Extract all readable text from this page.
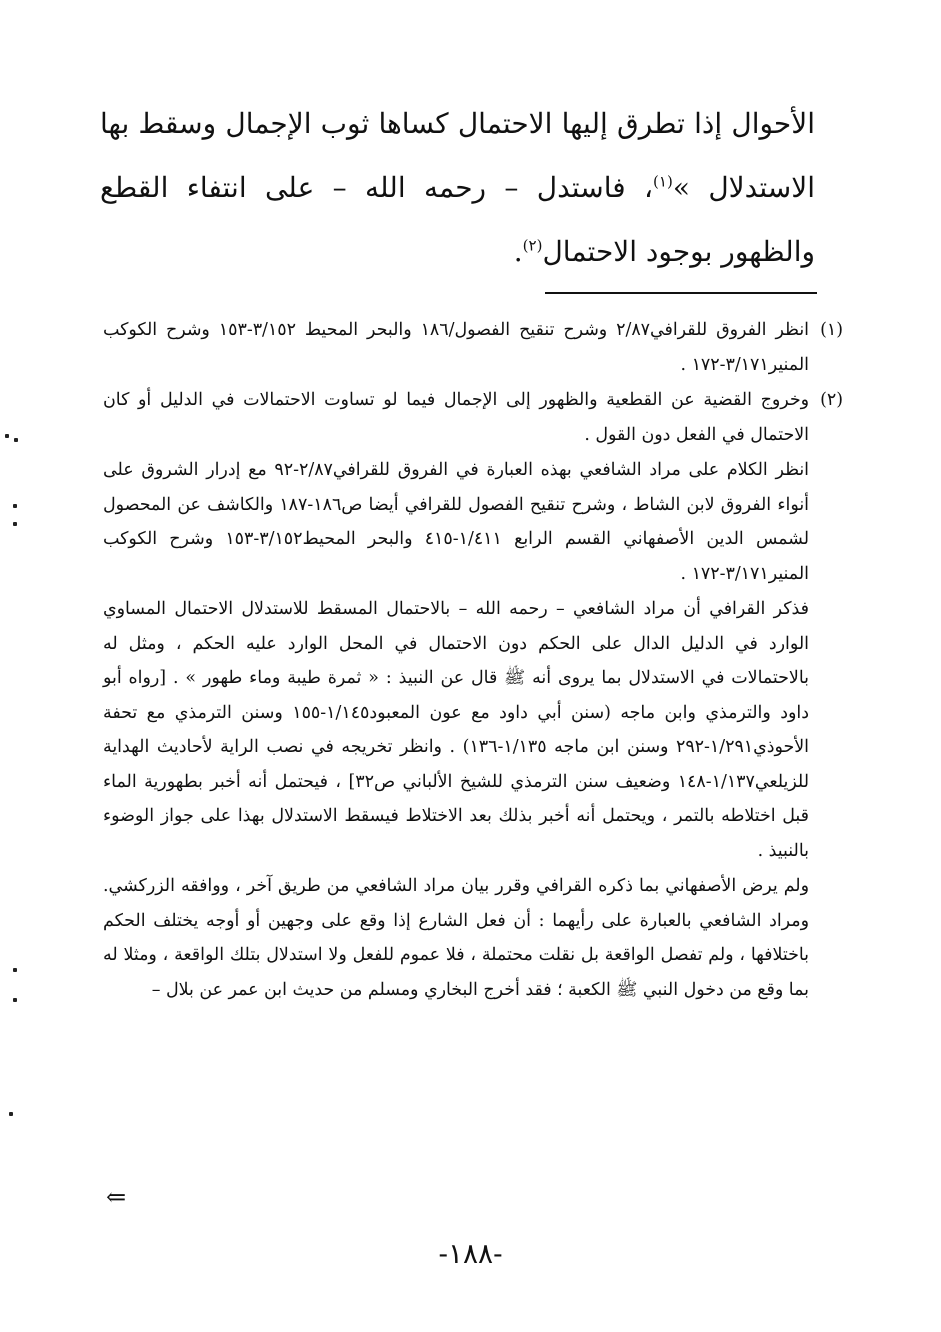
الأحوال إذا تطرق إليها الاحتمال كساها ثوب الإجمال وسقط بها الاستدلال »$^{(١)}$، فاستدل – رحمه الله – على انتفاء القطع والظهور بوجود الاحتمال$^{(٢)}$.

(١)
انظر الفروق للقرافي٢/٨٧ وشرح تنقيح الفصول/١٨٦ والبحر المحيط ٣/١٥٢-١٥٣ وشرح الكوكب المنير٣/١٧١-١٧٢ .

(٢)
وخروج القضية عن القطعية والظهور إلى الإجمال فيما لو تساوت الاحتمالات في الدليل أو كان الاحتمال في الفعل دون القول .

انظر الكلام على مراد الشافعي بهذه العبارة في الفروق للقرافي٢/٨٧-٩٢ مع إدرار الشروق على أنواء الفروق لابن الشاط ، وشرح تنقيح الفصول للقرافي أيضا ص١٨٦-١٨٧ والكاشف عن المحصول لشمس الدين الأصفهاني القسم الرابع ١/٤١١-٤١٥ والبحر المحيط٣/١٥٢-١٥٣ وشرح الكوكب المنير٣/١٧١-١٧٢ .

فذكر القرافي أن مراد الشافعي – رحمه الله – بالاحتمال المسقط للاستدلال الاحتمال المساوي الوارد في الدليل الدال على الحكم دون الاحتمال في المحل الوارد عليه الحكم ، ومثل له بالاحتمالات في الاستدلال بما يروى أنه ﷺ قال عن النبيذ : « ثمرة طيبة وماء طهور » . [رواه أبو داود والترمذي وابن ماجه (سنن أبي داود مع عون المعبود١/١٤٥-١٥٥ وسنن الترمذي مع تحفة الأحوذي١/٢٩١-٢٩٢ وسنن ابن ماجه ١/١٣٥-١٣٦) . وانظر تخريجه في نصب الراية لأحاديث الهداية للزيلعي١/١٣٧-١٤٨ وضعيف سنن الترمذي للشيخ الألباني ص٣٢] ، فيحتمل أنه أخبر بطهورية الماء قبل اختلاطه بالتمر ، ويحتمل أنه أخبر بذلك بعد الاختلاط فيسقط الاستدلال بهذا على جواز الوضوء بالنبيذ .

ولم يرض الأصفهاني بما ذكره القرافي وقرر بيان مراد الشافعي من طريق آخر ، ووافقه الزركشي. ومراد الشافعي بالعبارة على رأيهما : أن فعل الشارع إذا وقع على وجهين أو أوجه يختلف الحكم باختلافها ، ولم تفصل الواقعة بل نقلت محتملة ، فلا عموم للفعل ولا استدلال بتلك الواقعة ، ومثلا له بما وقع من دخول النبي ﷺ الكعبة ؛ فقد أخرج البخاري ومسلم من حديث ابن عمر عن بلال –

⇐
-١٨٨-
